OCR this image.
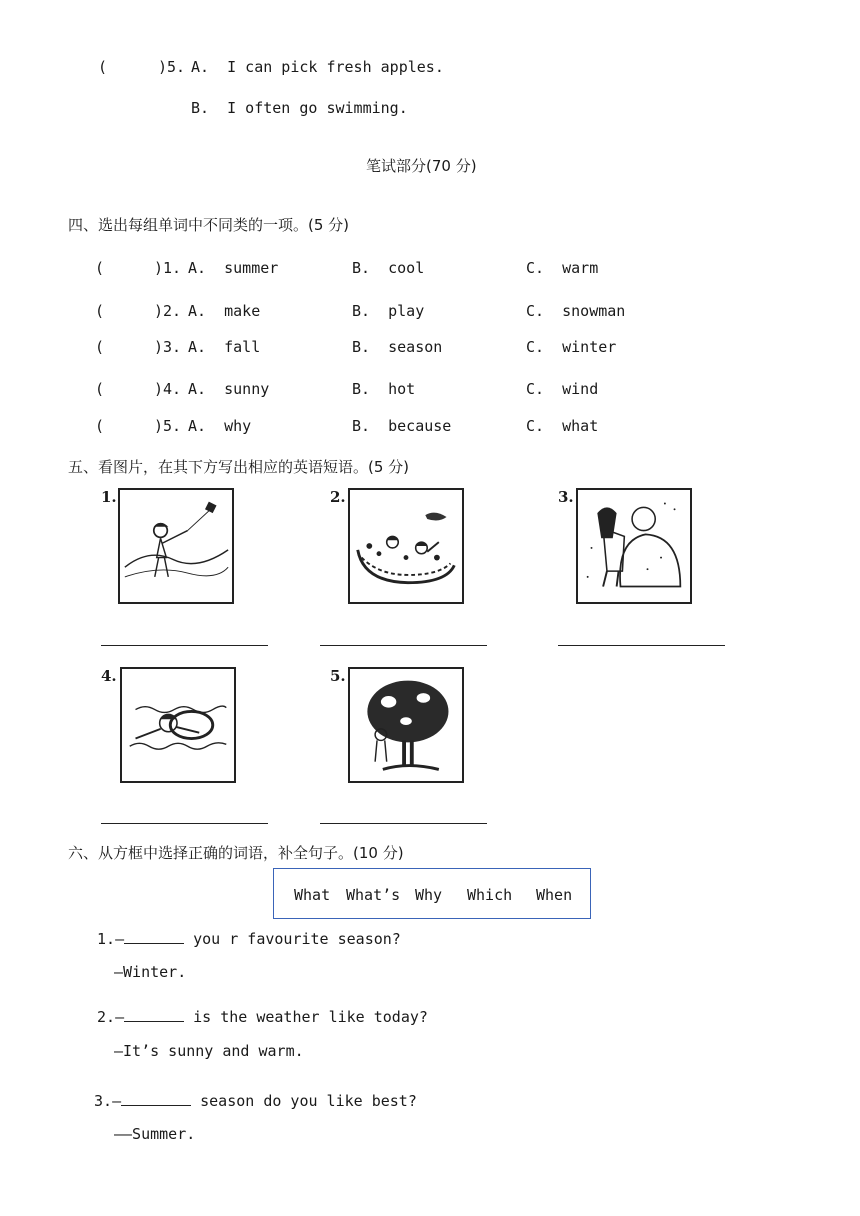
(	)5. A.  I can pick fresh apples.
B.  I often go swimming.
笔试部分(70 分)
四、选出每组单词中不同类的一项。(5 分)
(	)1. A.  summer	B.  cool	C.  warm
(	)2. A.  make	B.  play	C.  snowman
(	)3. A.  fall	B.  season	C.  winter
(	)4. A.  sunny	B.  hot	C.  wind
(	)5. A.  why	B.  because	C.  what
五、看图片，在其下方写出相应的英语短语。(5 分)
1.	2.	3.
4.	5.
六、从方框中选择正确的词语，补全句子。(10 分)
What What’s Why Which When
1.—	you r favourite season?
—Winter.
2.—	is the weather like today?
—It’s sunny and warm.
3.—	season do you like best?
——Summer.
